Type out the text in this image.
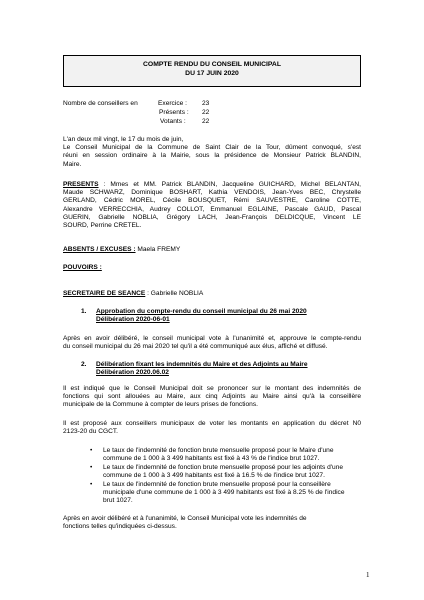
COMPTE RENDU DU CONSEIL MUNICIPAL
DU 17 JUIN 2020
Nombre de conseillers en	Exercice : 23
Présents : 22
Votants : 22
L'an deux mil vingt, le 17 du mois de juin,
Le Conseil Municipal de la Commune de Saint Clair de la Tour, dûment convoqué, s'est
réuni en session ordinaire à la Mairie, sous la présidence de Monsieur Patrick BLANDIN,
Maire.
PRESENTS : Mmes et MM. Patrick BLANDIN, Jacqueline GUICHARD, Michel BELANTAN,
Maude SCHWARZ, Dominique BOSHART, Kathia VENDOIS, Jean-Yves BEC, Chrystelle
GERLAND, Cédric MOREL, Cécile BOUSQUET, Rémi SAUVESTRE, Caroline COTTE,
Alexandre VERRECCHIA, Audrey COLLOT, Emmanuel EGLAINE, Pascale GAUD, Pascal
GUERIN, Gabrielle NOBLIA, Grégory LACH, Jean-François DELDICQUE, Vincent LE
SOURD, Perrine CRETEL.
ABSENTS / EXCUSES : Maela FREMY
POUVOIRS :
SECRETAIRE DE SEANCE : Gabrielle NOBLIA
1. Approbation du compte-rendu du conseil municipal du 26 mai 2020
Délibération 2020-06-01
Après en avoir délibéré, le conseil municipal vote à l'unanimité et, approuve le compte-rendu
du conseil municipal du 26 mai 2020 tel qu'il a été communiqué aux élus, affiché et diffusé.
2. Délibération fixant les indemnités du Maire et des Adjoints au Maire
Délibération 2020.06.02
Il est indiqué que le Conseil Municipal doit se prononcer sur le montant des indemnités de
fonctions qui sont allouées au Maire, aux cinq Adjoints au Maire ainsi qu'à la conseillère
municipale de la Commune à compter de leurs prises de fonctions.
Il est proposé aux conseillers municipaux de voter les montants en application du décret N0
2123-20 du CGCT.
• Le taux de l'indemnité de fonction brute mensuelle proposé pour le Maire d'une
commune de 1 000 à 3 499 habitants est fixé à 43 % de l'indice brut 1027.
• Le taux de l'indemnité de fonction brute mensuelle proposé pour les adjoints d'une
commune de 1 000 à 3 499 habitants est fixé à 16.5 % de l'indice brut 1027.
• Le taux de l'indemnité de fonction brute mensuelle proposé pour la conseillère
municipale d'une commune de 1 000 à 3 499 habitants est fixé à 8.25 % de l'indice
brut 1027.
Après en avoir délibéré et à l'unanimité, le Conseil Municipal vote les indemnités de
fonctions telles qu'indiquées ci-dessus.
1
